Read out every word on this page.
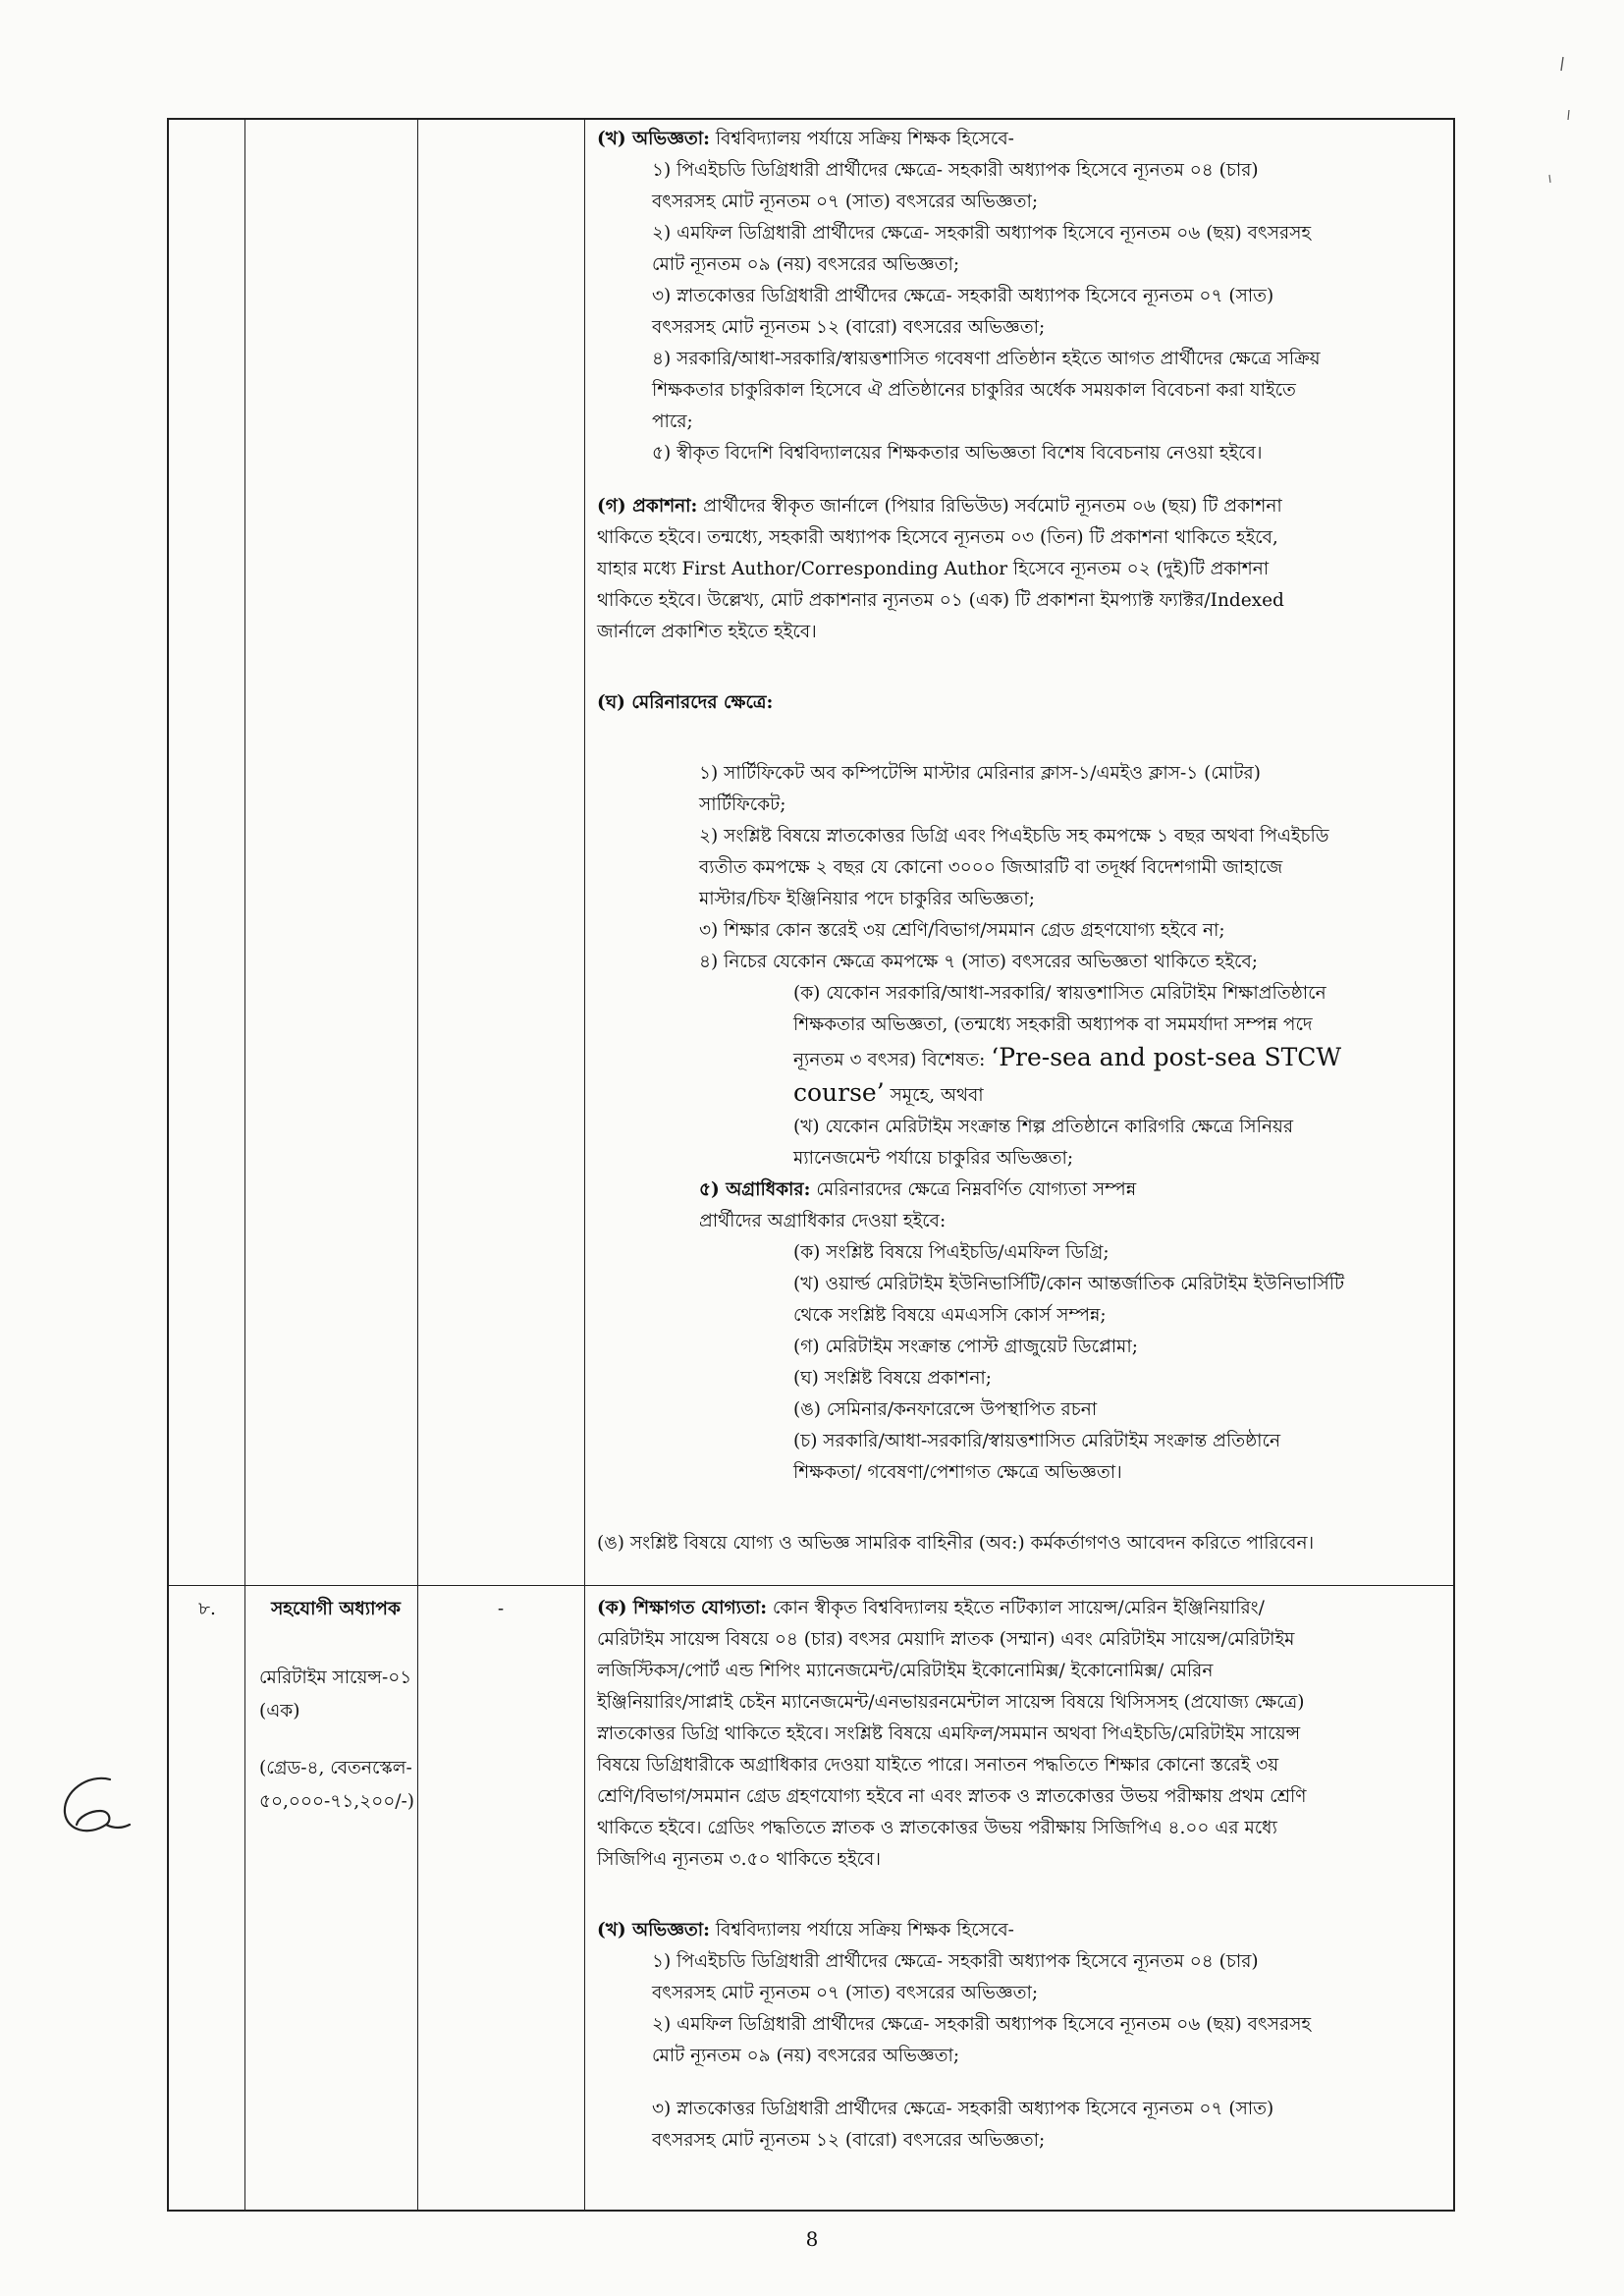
(খ) অভিজ্ঞতা: বিশ্ববিদ্যালয় পর্যায়ে সক্রিয় শিক্ষক হিসেবে-

১) পিএইচডি ডিগ্রিধারী প্রার্থীদের ক্ষেত্রে- সহকারী অধ্যাপক হিসেবে ন্যূনতম ০৪ (চার)

বৎসরসহ মোট ন্যূনতম ০৭ (সাত) বৎসরের অভিজ্ঞতা;

২) এমফিল ডিগ্রিধারী প্রার্থীদের ক্ষেত্রে- সহকারী অধ্যাপক হিসেবে ন্যূনতম ০৬ (ছয়) বৎসরসহ

মোট ন্যূনতম ০৯ (নয়) বৎসরের অভিজ্ঞতা;

৩) স্নাতকোত্তর ডিগ্রিধারী প্রার্থীদের ক্ষেত্রে- সহকারী অধ্যাপক হিসেবে ন্যূনতম ০৭ (সাত)

বৎসরসহ মোট ন্যূনতম ১২ (বারো) বৎসরের অভিজ্ঞতা;

৪) সরকারি/আধা-সরকারি/স্বায়ত্তশাসিত গবেষণা প্রতিষ্ঠান হইতে আগত প্রার্থীদের ক্ষেত্রে সক্রিয়

শিক্ষকতার চাকুরিকাল হিসেবে ঐ প্রতিষ্ঠানের চাকুরির অর্ধেক সময়কাল বিবেচনা করা যাইতে

পারে;

৫) স্বীকৃত বিদেশি বিশ্ববিদ্যালয়ের শিক্ষকতার অভিজ্ঞতা বিশেষ বিবেচনায় নেওয়া হইবে।

(গ) প্রকাশনা: প্রার্থীদের স্বীকৃত জার্নালে (পিয়ার রিভিউড) সর্বমোট ন্যূনতম ০৬ (ছয়) টি প্রকাশনা

থাকিতে হইবে। তন্মধ্যে, সহকারী অধ্যাপক হিসেবে ন্যূনতম ০৩ (তিন) টি প্রকাশনা থাকিতে হইবে,

যাহার মধ্যে First Author/Corresponding Author হিসেবে ন্যূনতম ০২ (দুই)টি প্রকাশনা

থাকিতে হইবে। উল্লেখ্য, মোট প্রকাশনার ন্যূনতম ০১ (এক) টি প্রকাশনা ইমপ্যাক্ট ফ্যাক্টর/Indexed

জার্নালে প্রকাশিত হইতে হইবে।

(ঘ) মেরিনারদের ক্ষেত্রে:

১) সার্টিফিকেট অব কম্পিটেন্সি মাস্টার মেরিনার ক্লাস-১/এমইও ক্লাস-১ (মোটর)

সার্টিফিকেট;

২) সংশ্লিষ্ট বিষয়ে স্নাতকোত্তর ডিগ্রি এবং পিএইচডি সহ কমপক্ষে ১ বছর অথবা পিএইচডি

ব্যতীত কমপক্ষে ২ বছর যে কোনো ৩০০০ জিআরটি বা তদূর্ধ্ব বিদেশগামী জাহাজে

মাস্টার/চিফ ইঞ্জিনিয়ার পদে চাকুরির অভিজ্ঞতা;

৩) শিক্ষার কোন স্তরেই ৩য় শ্রেণি/বিভাগ/সমমান গ্রেড গ্রহণযোগ্য হইবে না;

৪) নিচের যেকোন ক্ষেত্রে কমপক্ষে ৭ (সাত) বৎসরের অভিজ্ঞতা থাকিতে হইবে;

(ক) যেকোন সরকারি/আধা-সরকারি/ স্বায়ত্তশাসিত মেরিটাইম শিক্ষাপ্রতিষ্ঠানে

শিক্ষকতার অভিজ্ঞতা, (তন্মধ্যে সহকারী অধ্যাপক বা সমমর্যাদা সম্পন্ন পদে

ন্যূনতম ৩ বৎসর) বিশেষত: ‘Pre-sea and post-sea STCW

course’ সমূহে, অথবা

(খ) যেকোন মেরিটাইম সংক্রান্ত শিল্প প্রতিষ্ঠানে কারিগরি ক্ষেত্রে সিনিয়র

ম্যানেজমেন্ট পর্যায়ে চাকুরির অভিজ্ঞতা;

৫) অগ্রাধিকার: মেরিনারদের ক্ষেত্রে নিম্নবর্ণিত যোগ্যতা সম্পন্ন

প্রার্থীদের অগ্রাধিকার দেওয়া হইবে:

(ক) সংশ্লিষ্ট বিষয়ে পিএইচডি/এমফিল ডিগ্রি;

(খ) ওয়ার্ল্ড মেরিটাইম ইউনিভার্সিটি/কোন আন্তর্জাতিক মেরিটাইম ইউনিভার্সিটি

থেকে সংশ্লিষ্ট বিষয়ে এমএসসি কোর্স সম্পন্ন;

(গ) মেরিটাইম সংক্রান্ত পোস্ট গ্রাজুয়েট ডিপ্লোমা;

(ঘ) সংশ্লিষ্ট বিষয়ে প্রকাশনা;

(ঙ) সেমিনার/কনফারেন্সে উপস্থাপিত রচনা

(চ) সরকারি/আধা-সরকারি/স্বায়ত্তশাসিত মেরিটাইম সংক্রান্ত প্রতিষ্ঠানে

শিক্ষকতা/ গবেষণা/পেশাগত ক্ষেত্রে অভিজ্ঞতা।

(ঙ) সংশ্লিষ্ট বিষয়ে যোগ্য ও অভিজ্ঞ সামরিক বাহিনীর (অব:) কর্মকর্তাগণও আবেদন করিতে পারিবেন।

৮.	সহযোগী অধ্যাপক
মেরিটাইম সায়েন্স-০১
(এক)
(গ্রেড-৪, বেতনস্কেল-
৫০,০০০-৭১,২০০/-)
-	(ক) শিক্ষাগত যোগ্যতা: কোন স্বীকৃত বিশ্ববিদ্যালয় হইতে নটিক্যাল সায়েন্স/মেরিন ইঞ্জিনিয়ারিং/

মেরিটাইম সায়েন্স বিষয়ে ০৪ (চার) বৎসর মেয়াদি স্নাতক (সম্মান) এবং মেরিটাইম সায়েন্স/মেরিটাইম

লজিস্টিকস/পোর্ট এন্ড শিপিং ম্যানেজমেন্ট/মেরিটাইম ইকোনোমিক্স/ ইকোনোমিক্স/ মেরিন

ইঞ্জিনিয়ারিং/সাপ্লাই চেইন ম্যানেজমেন্ট/এনভায়রনমেন্টাল সায়েন্স বিষয়ে থিসিসসহ (প্রযোজ্য ক্ষেত্রে)

স্নাতকোত্তর ডিগ্রি থাকিতে হইবে। সংশ্লিষ্ট বিষয়ে এমফিল/সমমান অথবা পিএইচডি/মেরিটাইম সায়েন্স

বিষয়ে ডিগ্রিধারীকে অগ্রাধিকার দেওয়া যাইতে পারে। সনাতন পদ্ধতিতে শিক্ষার কোনো স্তরেই ৩য়

শ্রেণি/বিভাগ/সমমান গ্রেড গ্রহণযোগ্য হইবে না এবং স্নাতক ও স্নাতকোত্তর উভয় পরীক্ষায় প্রথম শ্রেণি

থাকিতে হইবে। গ্রেডিং পদ্ধতিতে স্নাতক ও স্নাতকোত্তর উভয় পরীক্ষায় সিজিপিএ ৪.০০ এর মধ্যে

সিজিপিএ ন্যূনতম ৩.৫০ থাকিতে হইবে।

(খ) অভিজ্ঞতা: বিশ্ববিদ্যালয় পর্যায়ে সক্রিয় শিক্ষক হিসেবে-

১) পিএইচডি ডিগ্রিধারী প্রার্থীদের ক্ষেত্রে- সহকারী অধ্যাপক হিসেবে ন্যূনতম ০৪ (চার)

বৎসরসহ মোট ন্যূনতম ০৭ (সাত) বৎসরের অভিজ্ঞতা;

২) এমফিল ডিগ্রিধারী প্রার্থীদের ক্ষেত্রে- সহকারী অধ্যাপক হিসেবে ন্যূনতম ০৬ (ছয়) বৎসরসহ

মোট ন্যূনতম ০৯ (নয়) বৎসরের অভিজ্ঞতা;

৩) স্নাতকোত্তর ডিগ্রিধারী প্রার্থীদের ক্ষেত্রে- সহকারী অধ্যাপক হিসেবে ন্যূনতম ০৭ (সাত)

বৎসরসহ মোট ন্যূনতম ১২ (বারো) বৎসরের অভিজ্ঞতা;

8
